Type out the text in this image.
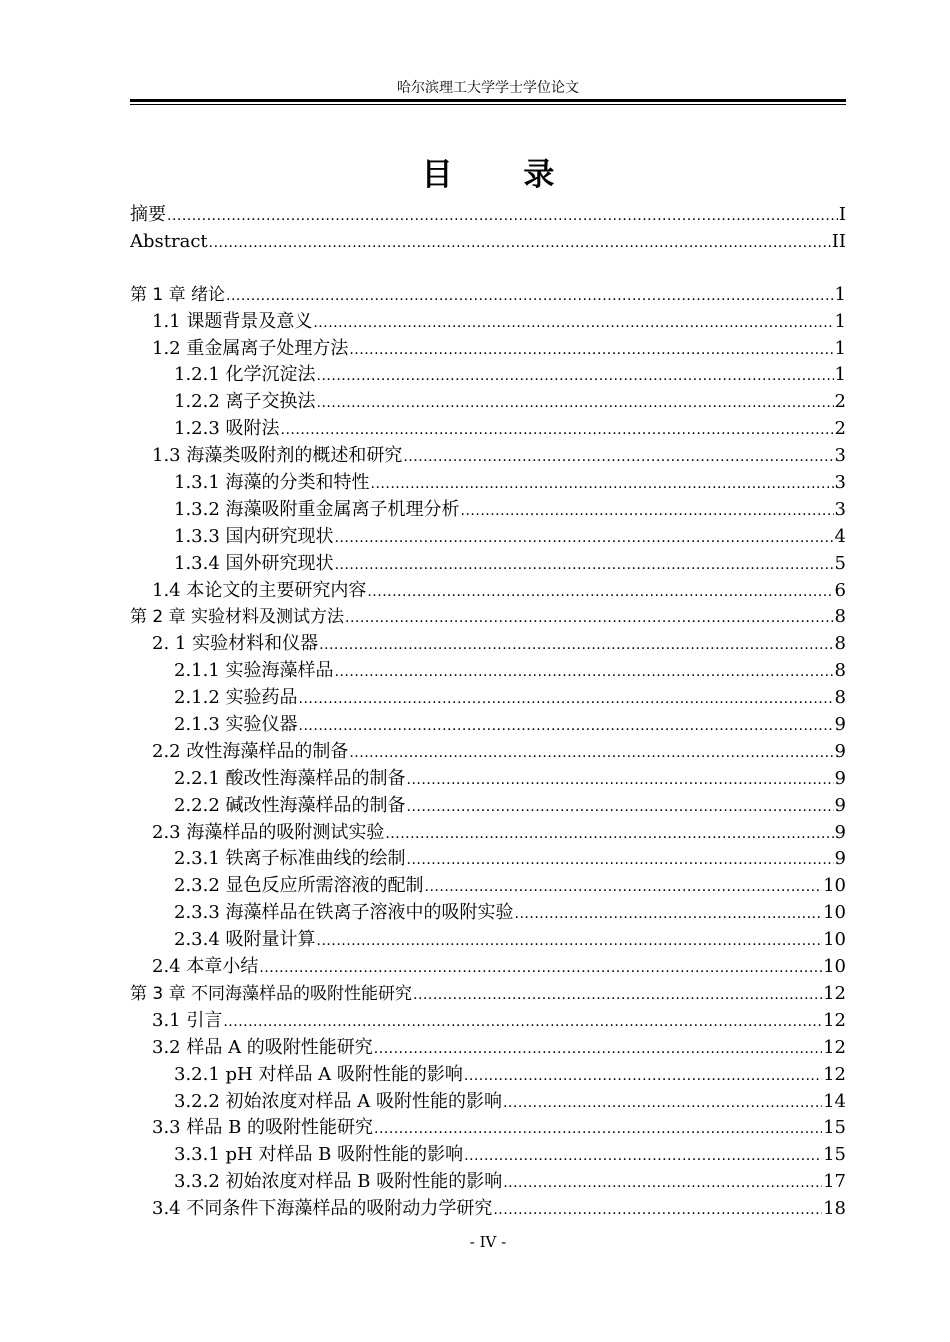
哈尔滨理工大学学士学位论文
目 录
摘要 .....	I
Abstract .....	II
第 1 章 绪论 .....	1
1.1 课题背景及意义 .....	1
1.2 重金属离子处理方法 .....	1
1.2.1 化学沉淀法 .....	1
1.2.2 离子交换法 .....	2
1.2.3 吸附法 .....	2
1.3 海藻类吸附剂的概述和研究 .....	3
1.3.1 海藻的分类和特性 .....	3
1.3.2 海藻吸附重金属离子机理分析 .....	3
1.3.3 国内研究现状 .....	4
1.3.4 国外研究现状 .....	5
1.4 本论文的主要研究内容 .....	6
第 2 章 实验材料及测试方法 .....	8
2. 1 实验材料和仪器 .....	8
2.1.1 实验海藻样品 .....	8
2.1.2 实验药品 .....	8
2.1.3 实验仪器 .....	9
2.2 改性海藻样品的制备 .....	9
2.2.1 酸改性海藻样品的制备 .....	9
2.2.2 碱改性海藻样品的制备 .....	9
2.3 海藻样品的吸附测试实验 .....	9
2.3.1 铁离子标准曲线的绘制 .....	9
2.3.2 显色反应所需溶液的配制 .....	10
2.3.3 海藻样品在铁离子溶液中的吸附实验 .....	10
2.3.4 吸附量计算 .....	10
2.4 本章小结 .....	10
第 3 章 不同海藻样品的吸附性能研究 .....	12
3.1 引言 .....	12
3.2 样品 A 的吸附性能研究 .....	12
3.2.1 pH 对样品 A 吸附性能的影响 .....	12
3.2.2 初始浓度对样品 A 吸附性能的影响 .....	14
3.3 样品 B 的吸附性能研究 .....	15
3.3.1 pH 对样品 B 吸附性能的影响 .....	15
3.3.2 初始浓度对样品 B 吸附性能的影响 .....	17
3.4 不同条件下海藻样品的吸附动力学研究 .....	18
- IV -
